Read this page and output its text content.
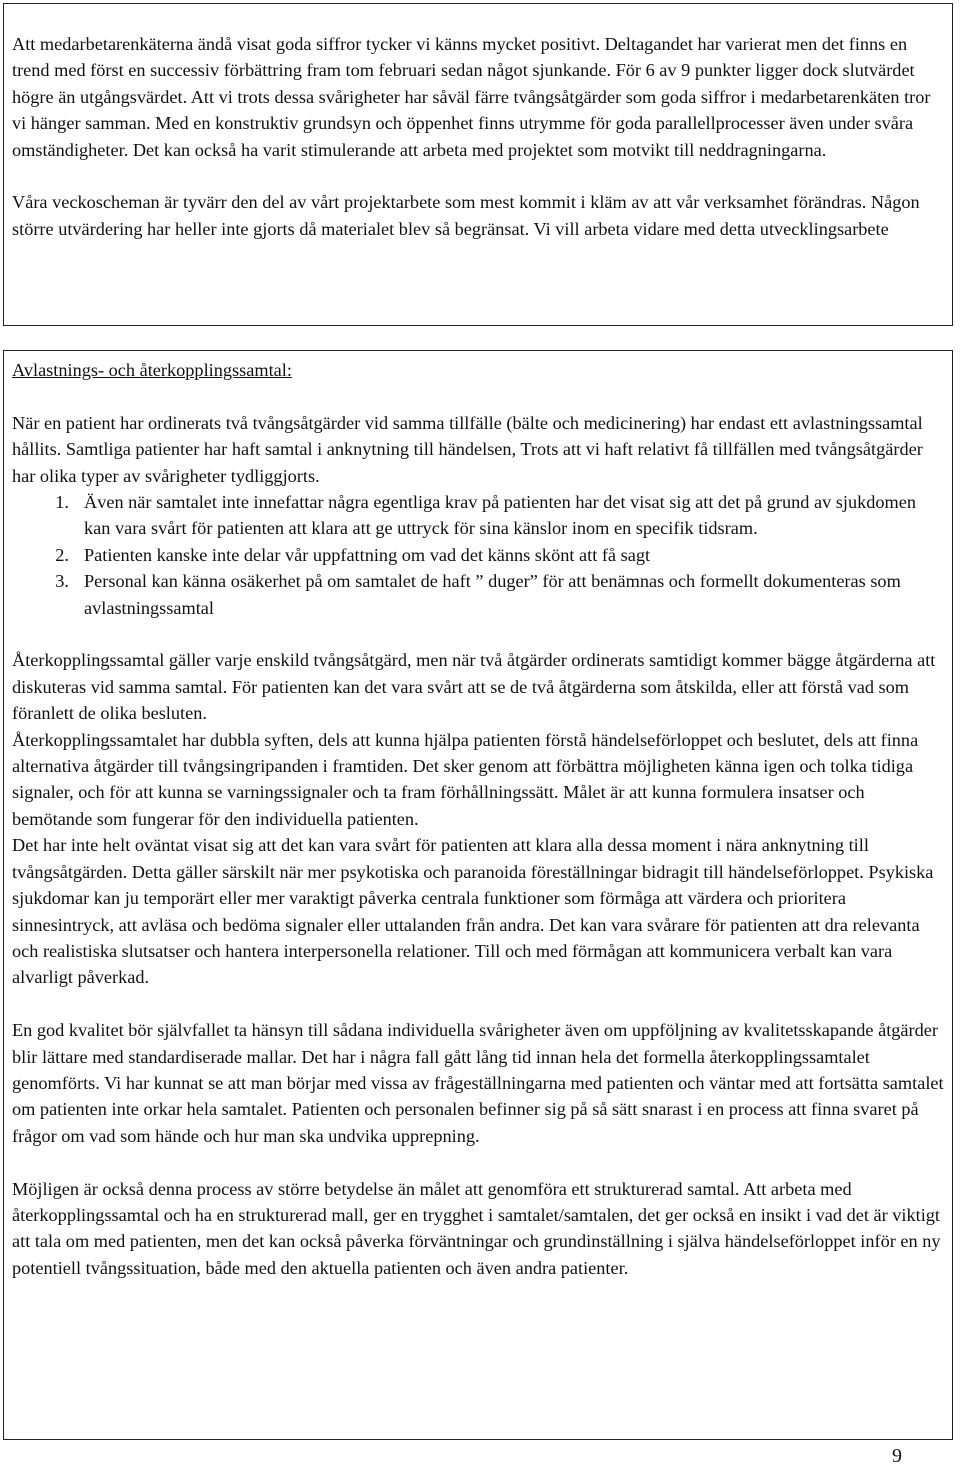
Att medarbetarenkäterna ändå visat goda siffror tycker vi känns mycket positivt. Deltagandet har varierat men det finns en trend med först en successiv förbättring fram tom februari sedan något sjunkande. För 6 av 9 punkter ligger dock slutvärdet högre än utgångsvärdet. Att vi trots dessa svårigheter har såväl färre tvångsåtgärder som goda siffror i medarbetarenkäten tror vi hänger samman. Med en konstruktiv grundsyn och öppenhet finns utrymme för goda parallellprocesser även under svåra omständigheter. Det kan också ha varit stimulerande att arbeta med projektet som motvikt till neddragningarna.

Våra veckoscheman är tyvärr den del av vårt projektarbete som mest kommit i kläm av att vår verksamhet förändras. Någon större utvärdering har heller inte gjorts då materialet blev så begränsat. Vi vill arbeta vidare med detta utvecklingsarbete

Avlastnings- och återkopplingssamtal:

När en patient har ordinerats två tvångsåtgärder vid samma tillfälle (bälte och medicinering) har endast ett avlastningssamtal hållits. Samtliga patienter har haft samtal i anknytning till händelsen, Trots att vi haft relativt få tillfällen med tvångsåtgärder har olika typer av svårigheter tydliggjorts.

1. Även när samtalet inte innefattar några egentliga krav på patienten har det visat sig att det på grund av sjukdomen kan vara svårt för patienten att klara att ge uttryck för sina känslor inom en specifik tidsram.
2. Patienten kanske inte delar vår uppfattning om vad det känns skönt att få sagt
3. Personal kan känna osäkerhet på om samtalet de haft ” duger” för att benämnas och formellt dokumenteras som avlastningssamtal

Återkopplingssamtal gäller varje enskild tvångsåtgärd, men när två åtgärder ordinerats samtidigt kommer bägge åtgärderna att diskuteras vid samma samtal. För patienten kan det vara svårt att se de två åtgärderna som åtskilda, eller att förstå vad som föranlett de olika besluten.

Återkopplingssamtalet har dubbla syften, dels att kunna hjälpa patienten förstå händelseförloppet och beslutet, dels att finna alternativa åtgärder till tvångsingripanden i framtiden. Det sker genom att förbättra möjligheten känna igen och tolka tidiga signaler, och för att kunna se varningssignaler och ta fram förhållningssätt. Målet är att kunna formulera insatser och bemötande som fungerar för den individuella patienten.

Det har inte helt oväntat visat sig att det kan vara svårt för patienten att klara alla dessa moment i nära anknytning till tvångsåtgärden. Detta gäller särskilt när mer psykotiska och paranoida föreställningar bidragit till händelseförloppet. Psykiska sjukdomar kan ju temporärt eller mer varaktigt påverka centrala funktioner som förmåga att värdera och prioritera sinnesintryck, att avläsa och bedöma signaler eller uttalanden från andra. Det kan vara svårare för patienten att dra relevanta och realistiska slutsatser och hantera interpersonella relationer. Till och med förmågan att kommunicera verbalt kan vara alvarligt påverkad.

En god kvalitet bör självfallet ta hänsyn till sådana individuella svårigheter även om uppföljning av kvalitetsskapande åtgärder blir lättare med standardiserade mallar. Det har i några fall gått lång tid innan hela det formella återkopplingssamtalet genomförts. Vi har kunnat se att man börjar med vissa av frågeställningarna med patienten och väntar med att fortsätta samtalet om patienten inte orkar hela samtalet. Patienten och personalen befinner sig på så sätt snarast i en process att finna svaret på frågor om vad som hände och hur man ska undvika upprepning.

Möjligen är också denna process av större betydelse än målet att genomföra ett strukturerad samtal. Att arbeta med återkopplingssamtal och ha en strukturerad mall, ger en trygghet i samtalet/samtalen, det ger också en insikt i vad det är viktigt att tala om med patienten, men det kan också påverka förväntningar och grundinställning i själva händelseförloppet inför en ny potentiell tvångssituation, både med den aktuella patienten och även andra patienter.

9
